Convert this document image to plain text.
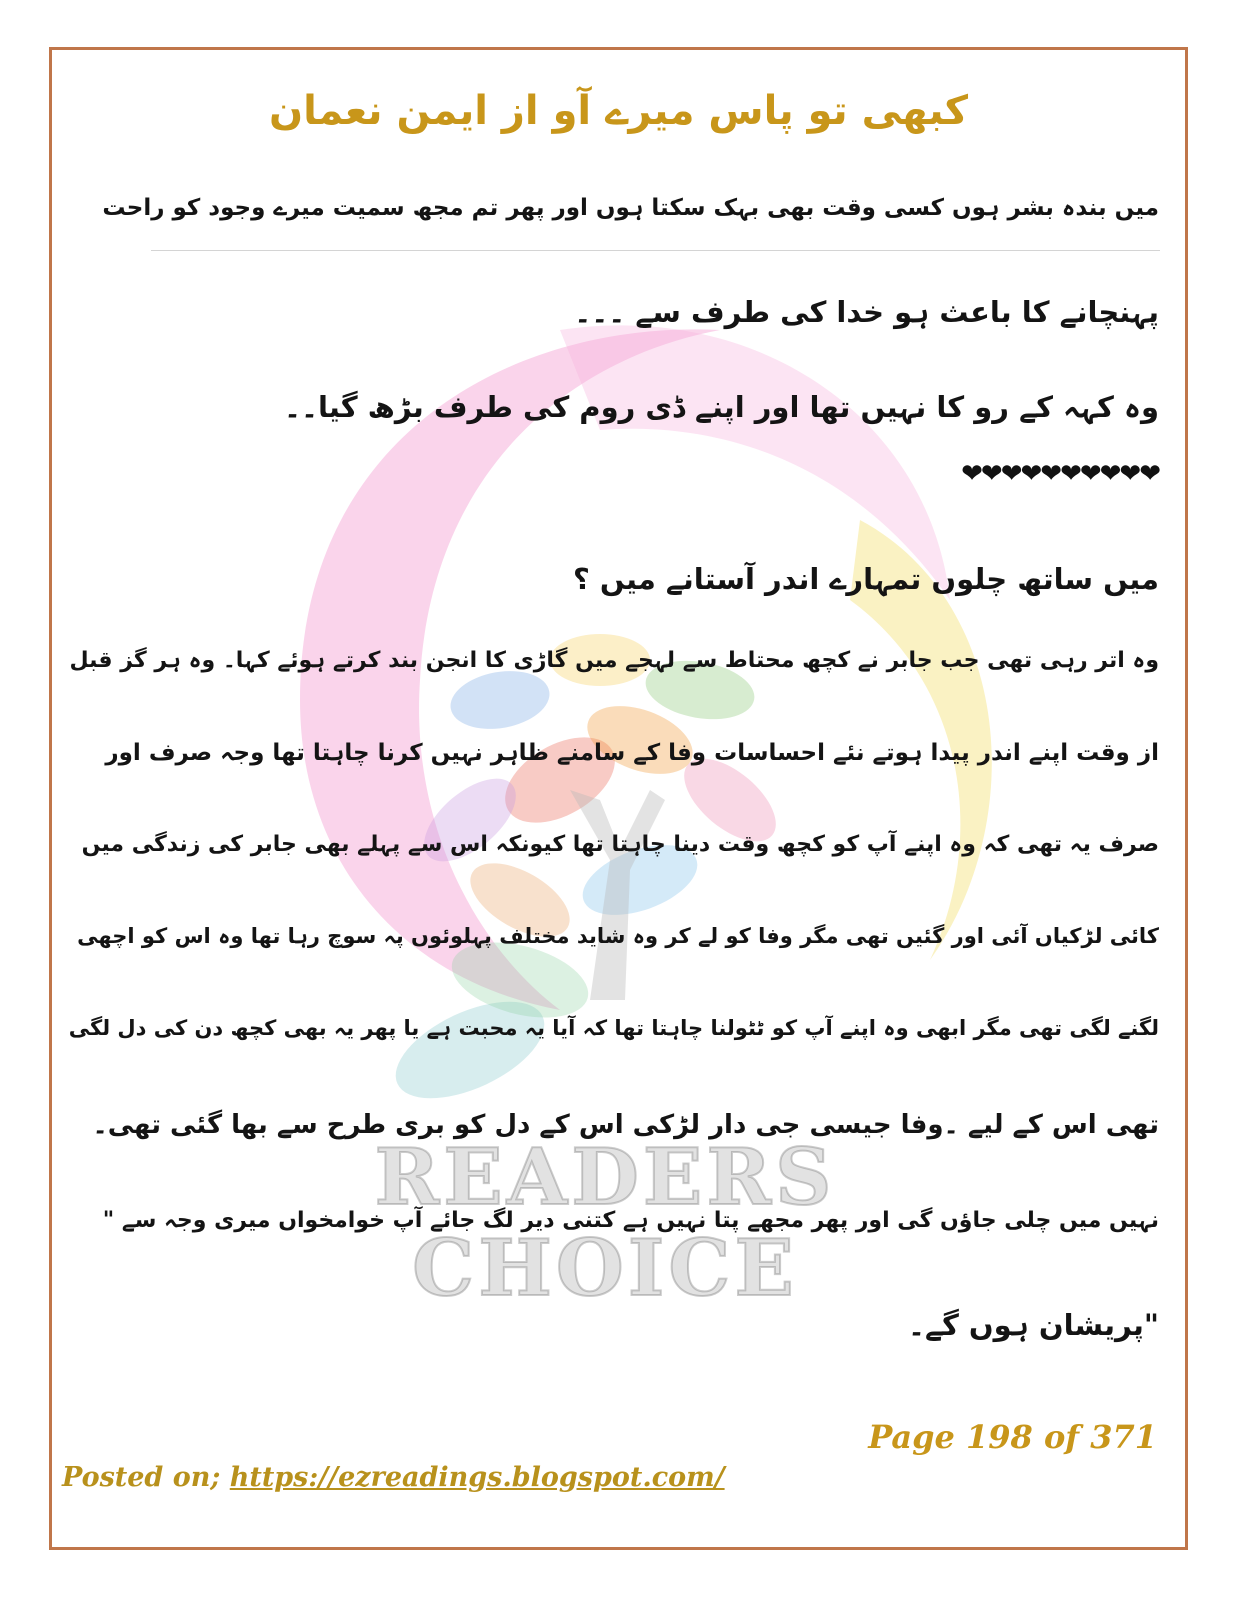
READERS CHOICE
کبھی تو پاس میرے آو از ایمن نعمان
میں بندہ بشر ہوں کسی وقت بھی بہک سکتا ہوں اور پھر تم مجھ سمیت میرے وجود کو راحت
پہنچانے کا باعث ہو خدا کی طرف سے ۔۔۔
وہ کہہ کے رو کا نہیں تھا اور اپنے ڈی روم کی طرف بڑھ گیا۔۔
❤❤❤❤❤❤❤❤❤❤
میں ساتھ چلوں تمہارے اندر آستانے میں ؟
وہ اتر رہی تھی جب جابر نے کچھ محتاط سے لہجے میں گاڑی کا انجن بند کرتے ہوئے کہا۔ وہ ہر گز قبل
از وقت اپنے اندر پیدا ہوتے نئے احساسات وفا کے سامنے ظاہر نہیں کرنا چاہتا تھا وجہ صرف اور
صرف یہ تھی کہ وہ اپنے آپ کو کچھ وقت دینا چاہتا تھا کیونکہ اس سے پہلے بھی جابر کی زندگی میں
کائی لڑکیاں آئی اور گئیں تھی مگر وفا کو لے کر وہ شاید مختلف پہلوئوں پہ سوچ رہا تھا وہ اس کو اچھی
لگنے لگی تھی مگر ابھی وہ اپنے آپ کو ٹٹولنا چاہتا تھا کہ آیا یہ محبت ہے یا پھر یہ بھی کچھ دن کی دل لگی
تھی اس کے لیے ۔وفا جیسی جی دار لڑکی اس کے دل کو بری طرح سے بھا گئی تھی۔
نہیں میں چلی جاؤں گی اور پھر مجھے پتا نہیں ہے کتنی دیر لگ جائے آپ خوامخواں میری وجہ سے "
"پریشان ہوں گے۔
Page 198 of 371
Posted on; https://ezreadings.blogspot.com/
